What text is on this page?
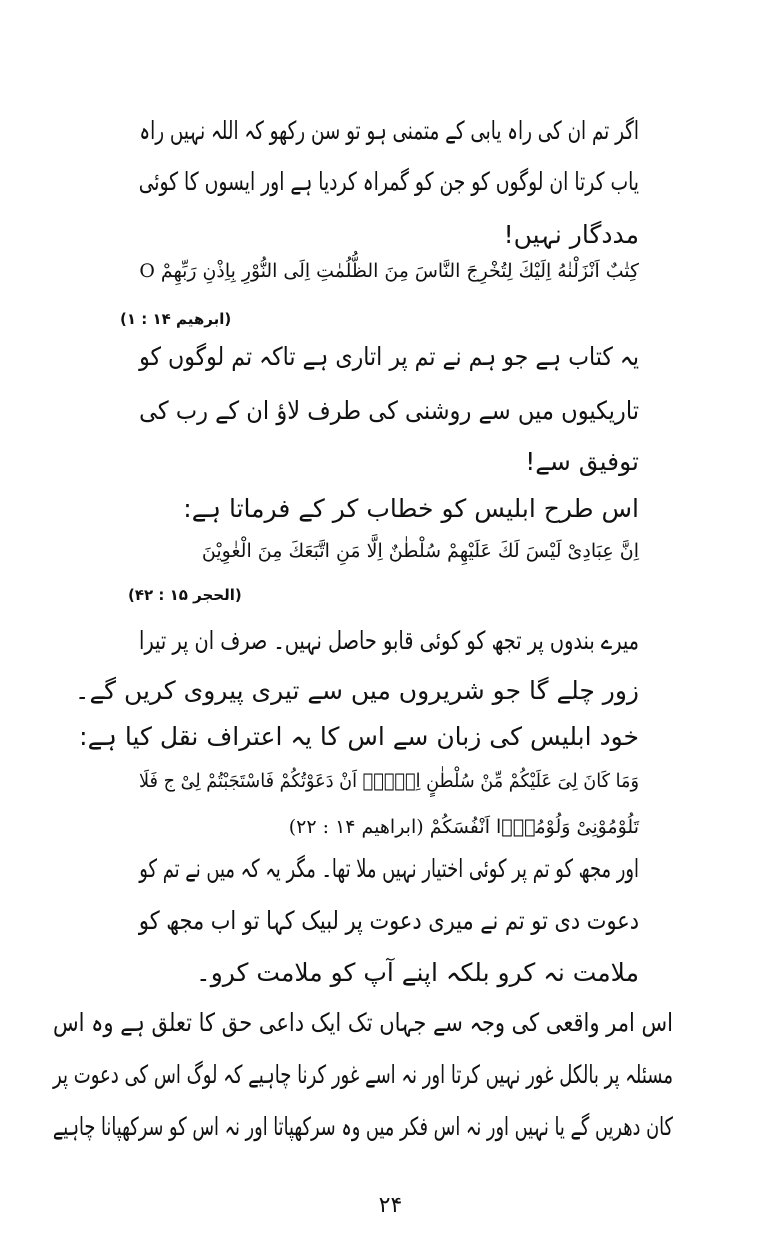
اگر تم ان کی راہ یابی کے متمنی ہو تو سن رکھو کہ اللہ نہیں راہ
یاب کرتا ان لوگوں کو جن کو گمراہ کردیا ہے اور ایسوں کا کوئی
مددگار نہیں!
كِتٰبٌ اَنْزَلْنٰهُ اِلَیْكَ لِتُخْرِجَ النَّاسَ مِنَ الظُّلُمٰتِ اِلَى النُّوْرِ بِاِذْنِ رَبِّهِمْ O
(ابرھیم ۱۴ : ۱)
یہ کتاب ہے جو ہم نے تم پر اتاری ہے تاکہ تم لوگوں کو
تاریکیوں میں سے روشنی کی طرف لاؤ ان کے رب کی
توفیق سے!
اس طرح ابلیس کو خطاب کر کے فرماتا ہے:
اِنَّ عِبَادِیْ لَیْسَ لَكَ عَلَیْهِمْ سُلْطٰنٌ اِلَّا مَنِ اتَّبَعَكَ مِنَ الْغٰوِیْنَ
(الحجر ۱۵ : ۴۲)
میرے بندوں پر تجھ کو کوئی قابو حاصل نہیں۔ صرف ان پر تیرا
زور چلے گا جو شریروں میں سے تیری پیروی کریں گے۔
خود ابلیس کی زبان سے اس کا یہ اعتراف نقل کیا ہے:
وَمَا كَانَ لِیَ عَلَیْكُمْ مِّنْ سُلْطٰنٍ اِلَّاۤ اَنْ دَعَوْتُكُمْ فَاسْتَجَبْتُمْ لِیْ ج فَلَا
تَلُوْمُوْنِیْ وَلُوْمُوْۤا اَنْفُسَكُمْ (ابراھیم ۱۴ : ۲۲)
اور مجھ کو تم پر کوئی اختیار نہیں ملا تھا۔ مگر یہ کہ میں نے تم کو
دعوت دی تو تم نے میری دعوت پر لبیک کہا تو اب مجھ کو
ملامت نہ کرو بلکہ اپنے آپ کو ملامت کرو۔
اس امر واقعی کی وجہ سے جہاں تک ایک داعی حق کا تعلق ہے وہ اس
مسئلہ پر بالکل غور نہیں کرتا اور نہ اسے غور کرنا چاہیے کہ لوگ اس کی دعوت پر
کان دھریں گے یا نہیں اور نہ اس فکر میں وہ سرکھپاتا اور نہ اس کو سرکھپانا چاہیے
۲۴
